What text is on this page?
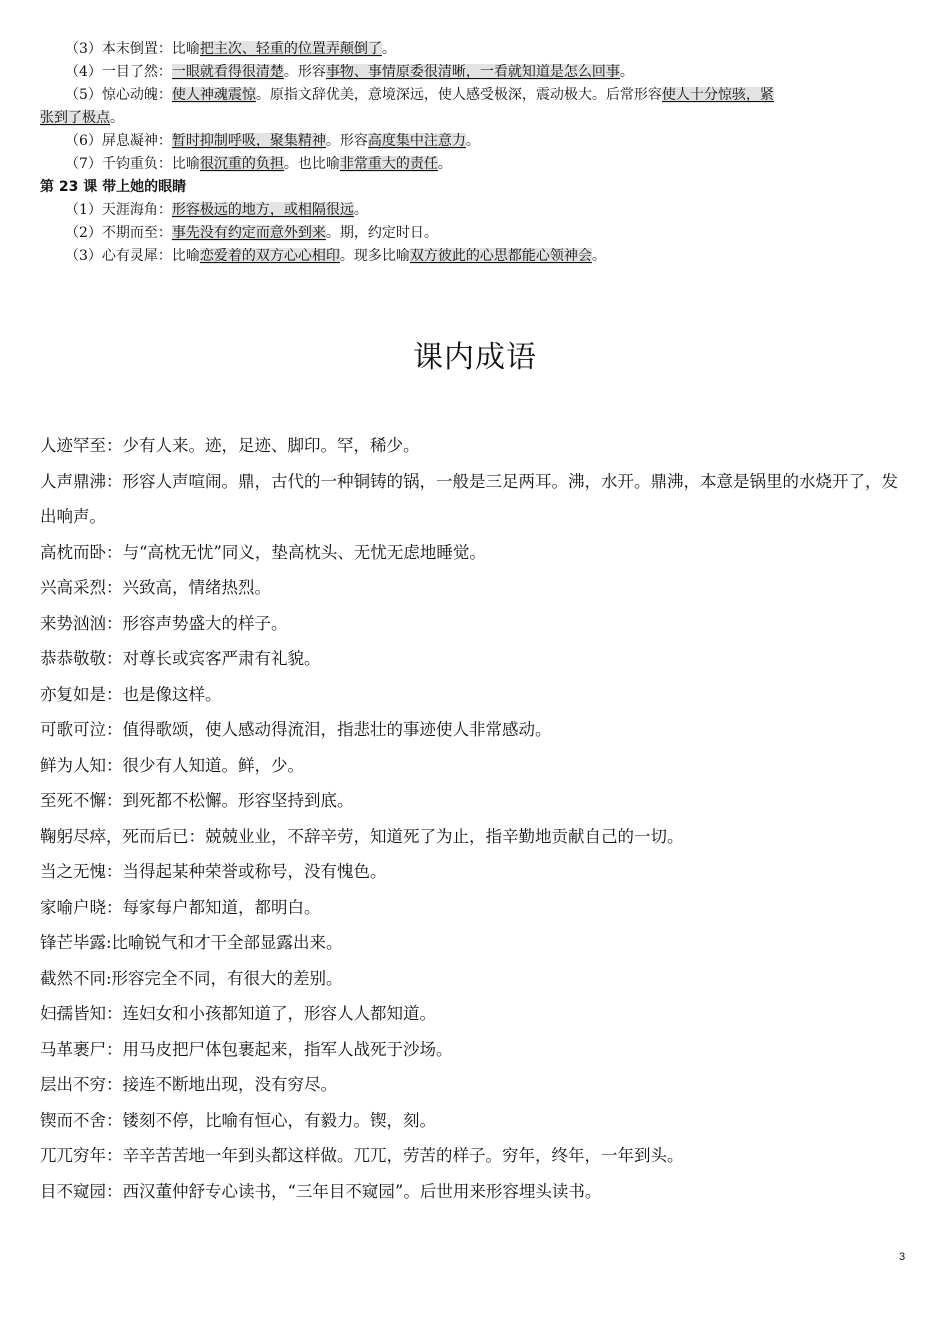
（3）本末倒置：比喻把主次、轻重的位置弄颠倒了。

（4）一目了然：一眼就看得很清楚。形容事物、事情原委很清晰，一看就知道是怎么回事。

（5）惊心动魄：使人神魂震惊。原指文辞优美，意境深远，使人感受极深，震动极大。后常形容使人十分惊骇，紧

张到了极点。

（6）屏息凝神：暂时抑制呼吸，聚集精神。形容高度集中注意力。

（7）千钧重负：比喻很沉重的负担。也比喻非常重大的责任。

第 23 课 带上她的眼睛

（1）天涯海角：形容极远的地方，或相隔很远。

（2）不期而至：事先没有约定而意外到来。期，约定时日。

（3）心有灵犀：比喻恋爱着的双方心心相印。现多比喻双方彼此的心思都能心领神会。

课内成语

人迹罕至：少有人来。迹，足迹、脚印。罕，稀少。

人声鼎沸：形容人声喧闹。鼎，古代的一种铜铸的锅，一般是三足两耳。沸，水开。鼎沸，本意是锅里的水烧开了，发出响声。

高枕而卧：与“高枕无忧”同义，垫高枕头、无忧无虑地睡觉。

兴高采烈：兴致高，情绪热烈。

来势汹汹：形容声势盛大的样子。

恭恭敬敬：对尊长或宾客严肃有礼貌。

亦复如是：也是像这样。

可歌可泣：值得歌颂，使人感动得流泪，指悲壮的事迹使人非常感动。

鲜为人知：很少有人知道。鲜，少。

至死不懈：到死都不松懈。形容坚持到底。

鞠躬尽瘁，死而后已：兢兢业业，不辞辛劳，知道死了为止，指辛勤地贡献自己的一切。

当之无愧：当得起某种荣誉或称号，没有愧色。

家喻户晓：每家每户都知道，都明白。

锋芒毕露:比喻锐气和才干全部显露出来。

截然不同:形容完全不同，有很大的差别。

妇孺皆知：连妇女和小孩都知道了，形容人人都知道。

马革裹尸：用马皮把尸体包裹起来，指军人战死于沙场。

层出不穷：接连不断地出现，没有穷尽。

锲而不舍：镂刻不停，比喻有恒心，有毅力。锲，刻。

兀兀穷年：辛辛苦苦地一年到头都这样做。兀兀，劳苦的样子。穷年，终年，一年到头。

目不窥园：西汉董仲舒专心读书，“三年目不窥园”。后世用来形容埋头读书。

3
